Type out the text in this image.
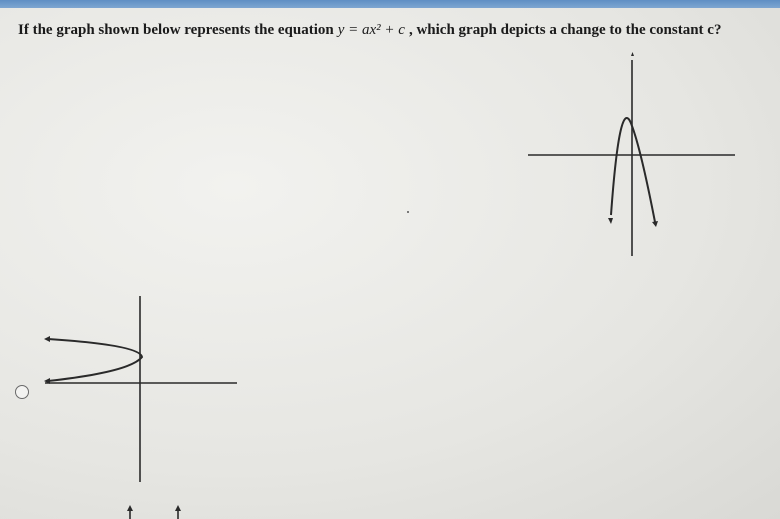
If the graph shown below represents the equation y = ax² + c , which graph depicts a change to the constant c?
